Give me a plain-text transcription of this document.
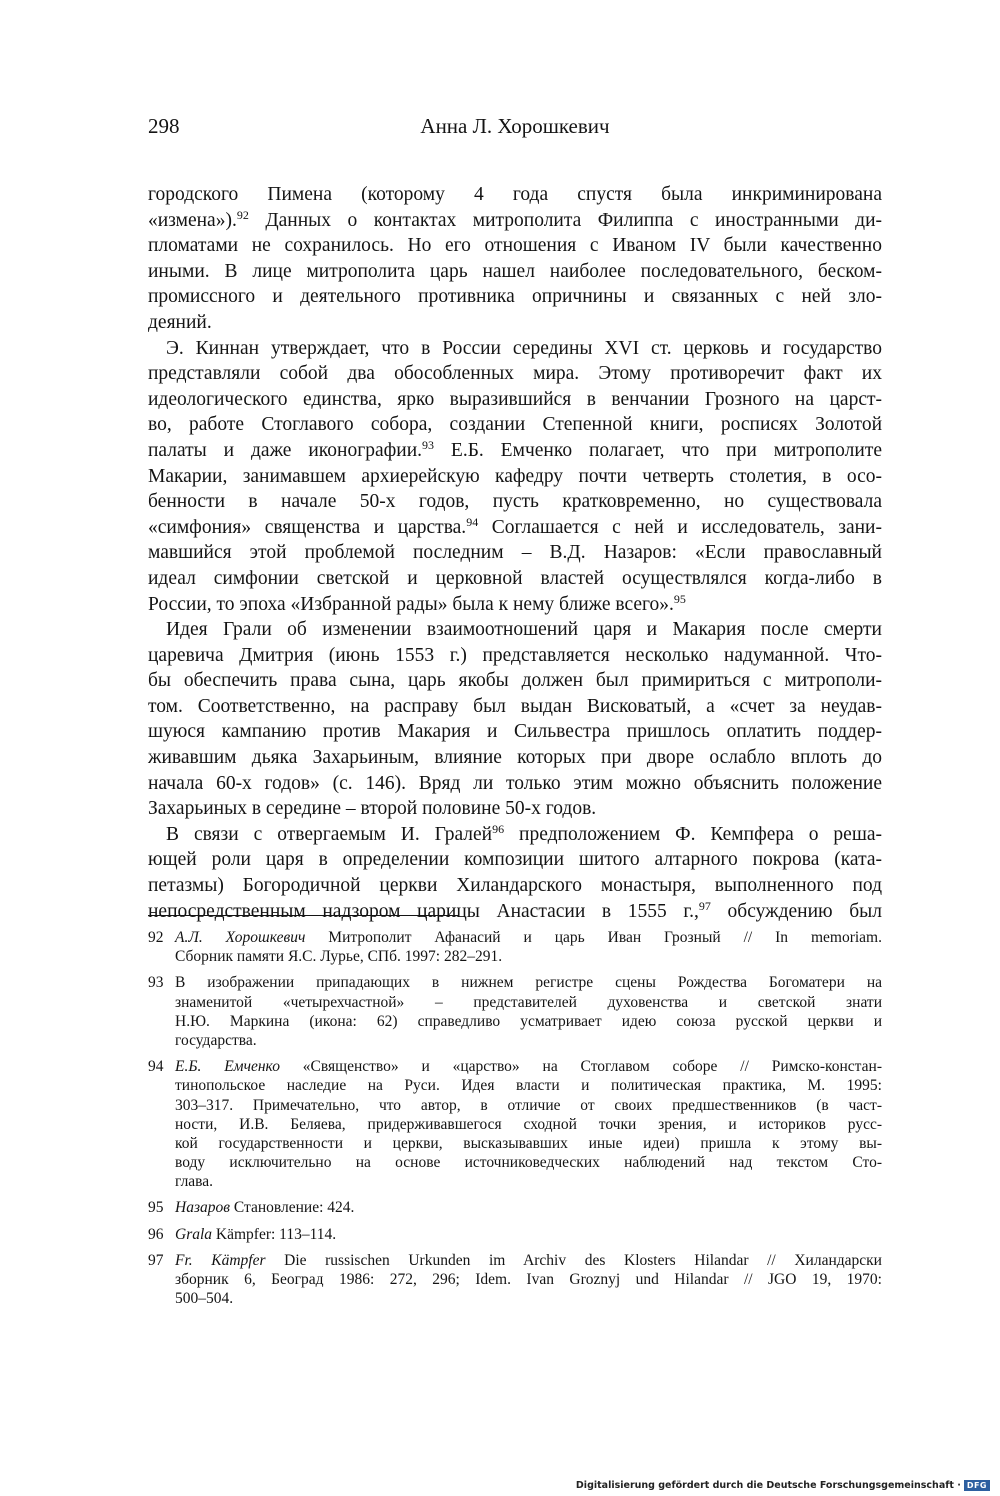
298	Анна Л. Хорошкевич
городского Пимена (которому 4 года спустя была инкриминирована
«измена»).$^{92}$ Данных о контактах митрополита Филиппа с иностранными ди-
пломатами не сохранилось. Но его отношения с Иваном IV были качественно
иными. В лице митрополита царь нашел наиболее последовательного, беском-
промиссного и деятельного противника опричнины и связанных с ней зло-
деяний.
Э. Киннан утверждает, что в России середины XVI ст. церковь и государство
представляли собой два обособленных мира. Этому противоречит факт их
идеологического единства, ярко выразившийся в венчании Грозного на царст-
во, работе Стоглавого собора, создании Степенной книги, росписях Золотой
палаты и даже иконографии.$^{93}$ Е.Б. Емченко полагает, что при митрополите
Макарии, занимавшем архиерейскую кафедру почти четверть столетия, в осо-
бенности в начале 50-х годов, пусть кратковременно, но существовала
«симфония» священства и царства.$^{94}$ Соглашается с ней и исследователь, зани-
мавшийся этой проблемой последним – В.Д. Назаров: «Если православный
идеал симфонии светской и церковной властей осуществлялся когда-либо в
России, то эпоха «Избранной рады» была к нему ближе всего».$^{95}$
Идея Грали об изменении взаимоотношений царя и Макария после смерти
царевича Дмитрия (июнь 1553 г.) представляется несколько надуманной. Что-
бы обеспечить права сына, царь якобы должен был примириться с митрополи-
том. Соответственно, на расправу был выдан Висковатый, а «счет за неудав-
шуюся кампанию против Макария и Сильвестра пришлось оплатить поддер-
живавшим дьяка Захарьиным, влияние которых при дворе ослабло вплоть до
начала 60-х годов» (с. 146). Вряд ли только этим можно объяснить положение
Захарьиных в середине – второй половине 50-х годов.
В связи с отвергаемым И. Гралей$^{96}$ предположением Ф. Кемпфера о реша-
ющей роли царя в определении композиции шитого алтарного покрова (ката-
петазмы) Богородичной церкви Хиландарского монастыря, выполненного под
непосредственным надзором царицы Анастасии в 1555 г.,$^{97}$ обсуждению был
92 А.Л. Хорошкевич Митрополит Афанасий и царь Иван Грозный // In memoriam.
Сборник памяти Я.С. Лурье, СПб. 1997: 282–291.
93 В изображении припадающих в нижнем регистре сцены Рождества Богоматери на
знаменитой «четырехчастной» – представителей духовенства и светской знати
Н.Ю. Маркина (икона: 62) справедливо усматривает идею союза русской церкви и
государства.
94 Е.Б. Емченко «Священство» и «царство» на Стоглавом соборе // Римско-констан-
тинопольское наследие на Руси. Идея власти и политическая практика, М. 1995:
303–317. Примечательно, что автор, в отличие от своих предшественников (в част-
ности, И.В. Беляева, придерживавшегося сходной точки зрения, и историков русс-
кой государственности и церкви, высказывавших иные идеи) пришла к этому вы-
воду исключительно на основе источниковедческих наблюдений над текстом Сто-
глава.
95 Назаров Становление: 424.
96 Grala Kämpfer: 113–114.
97 Fr. Kämpfer Die russischen Urkunden im Archiv des Klosters Hilandar // Хиландарски
зборник 6, Београд 1986: 272, 296; Idem. Ivan Groznyj und Hilandar // JGO 19, 1970:
500–504.
Digitalisierung gefördert durch die Deutsche Forschungsgemeinschaft · DFG
